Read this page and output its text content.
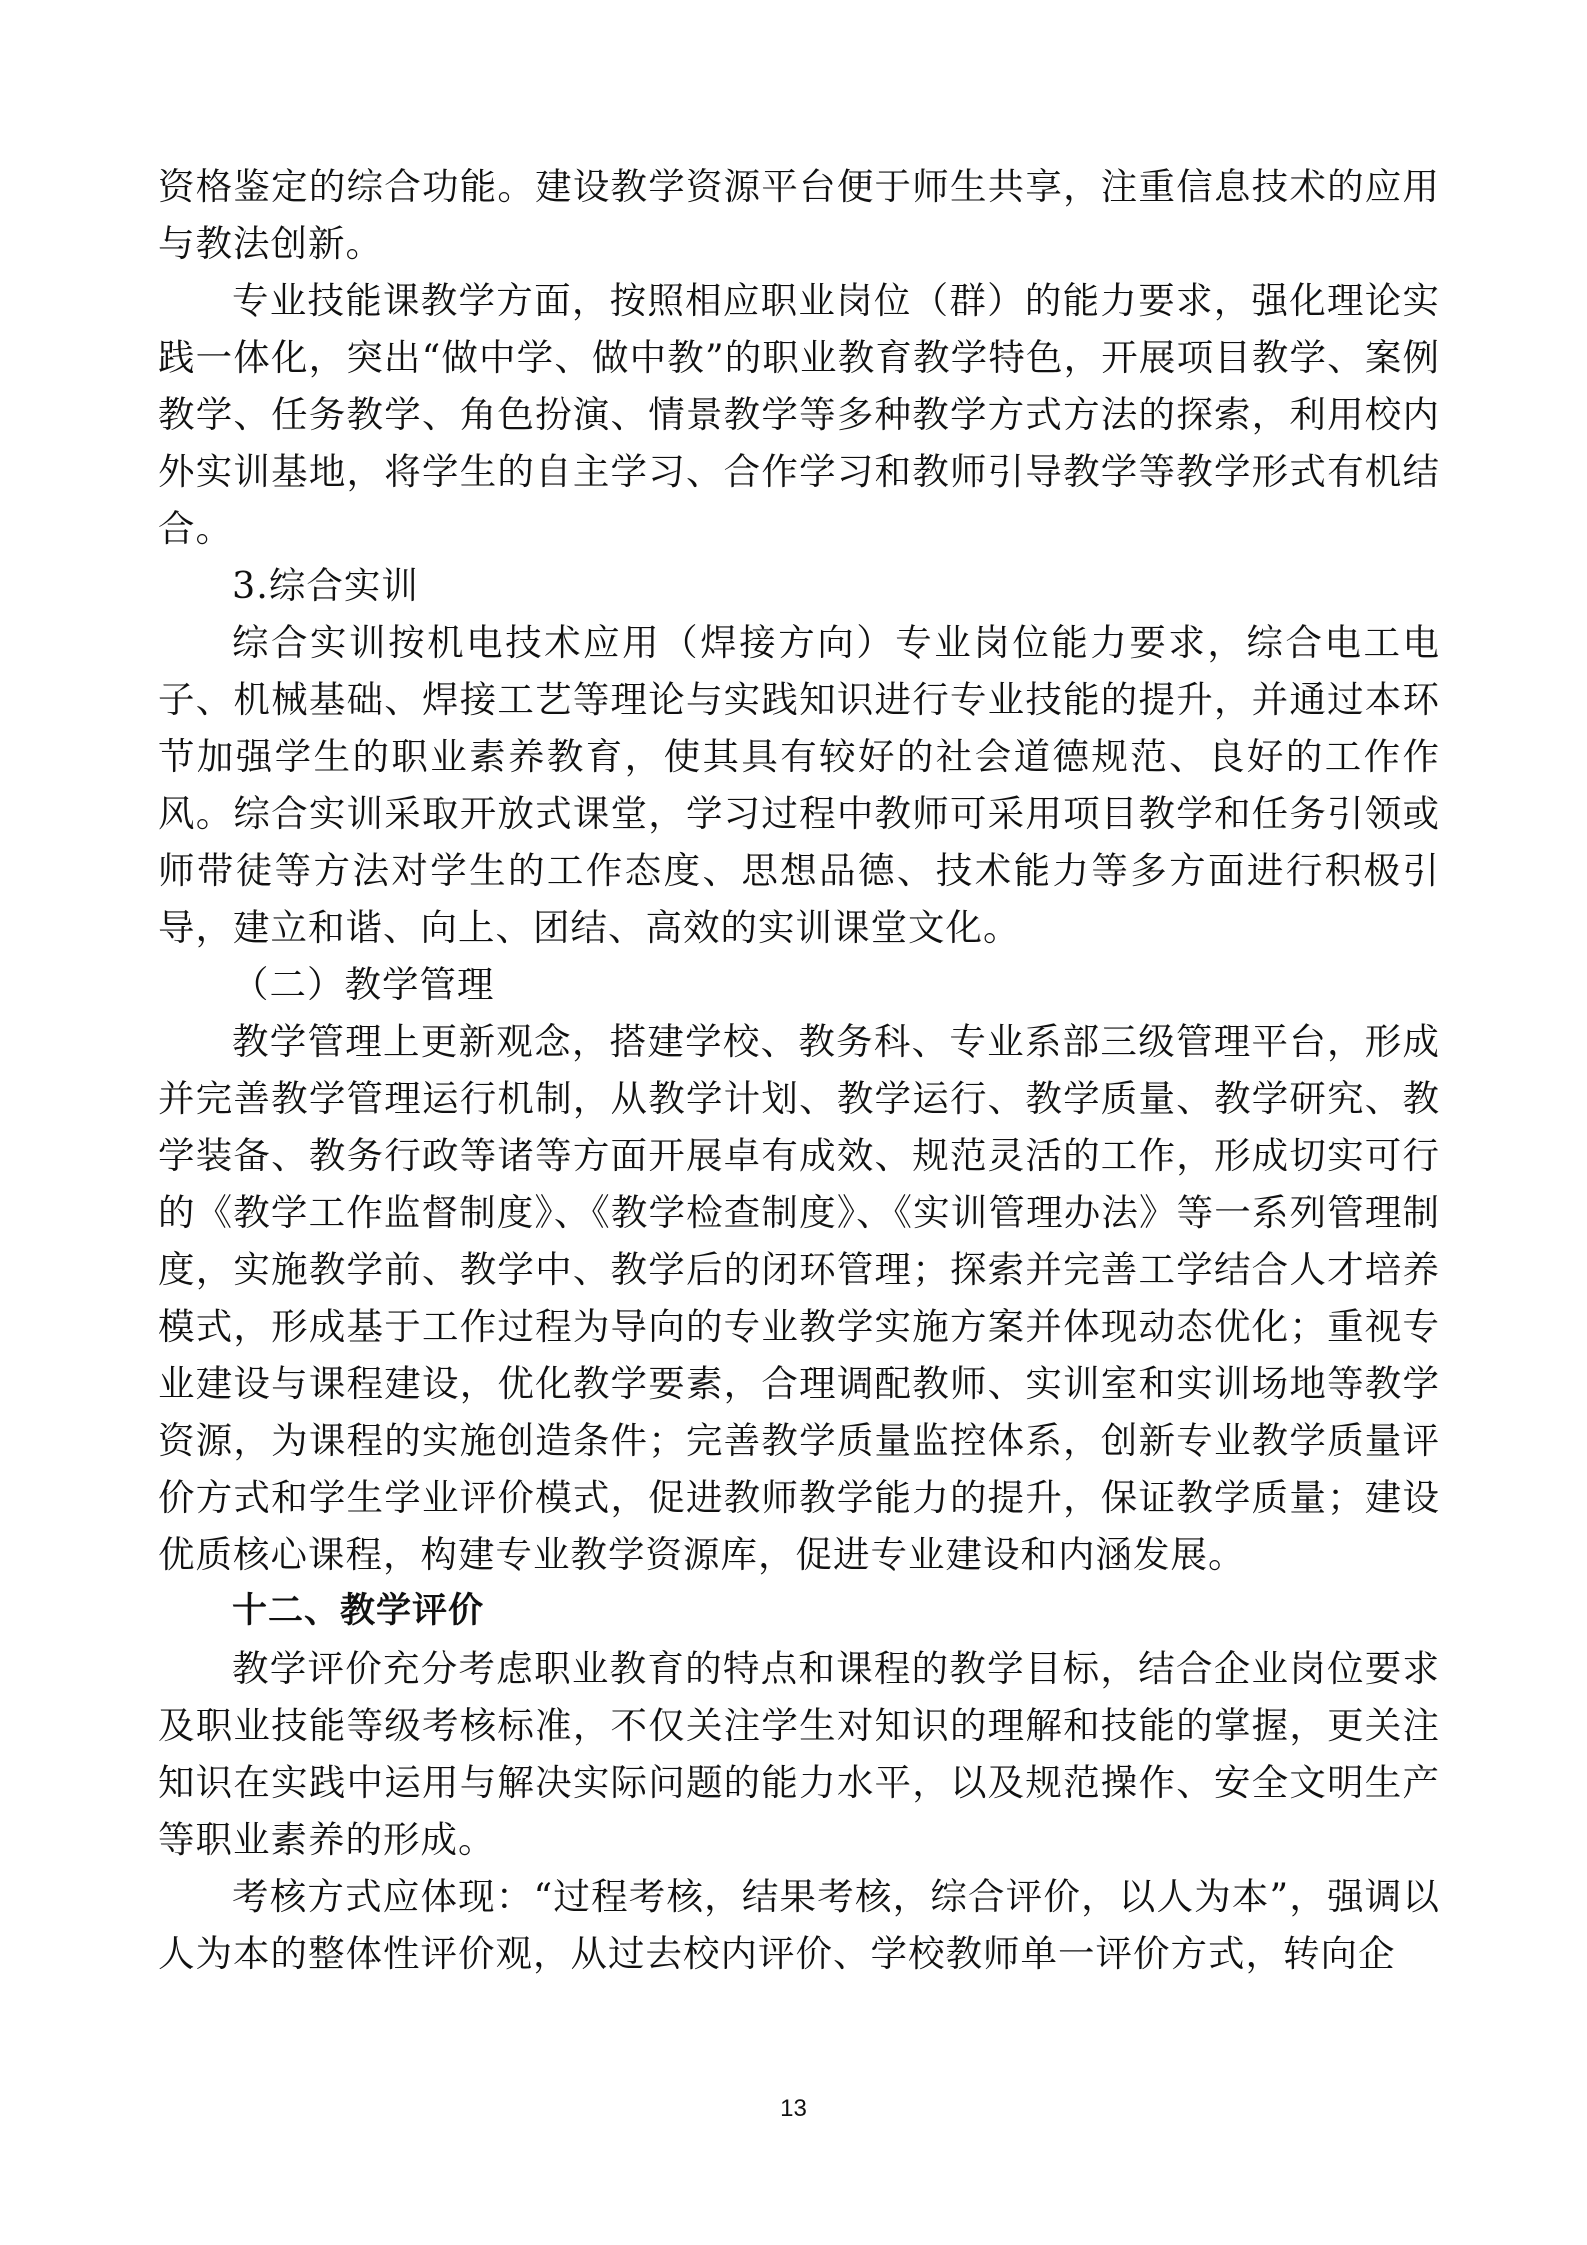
资格鉴定的综合功能。建设教学资源平台便于师生共享，注重信息技术的应用与教法创新。

专业技能课教学方面，按照相应职业岗位（群）的能力要求，强化理论实践一体化，突出“做中学、做中教”的职业教育教学特色，开展项目教学、案例教学、任务教学、角色扮演、情景教学等多种教学方式方法的探索，利用校内外实训基地，将学生的自主学习、合作学习和教师引导教学等教学形式有机结合。

3.综合实训

综合实训按机电技术应用（焊接方向）专业岗位能力要求，综合电工电子、机械基础、焊接工艺等理论与实践知识进行专业技能的提升，并通过本环节加强学生的职业素养教育，使其具有较好的社会道德规范、良好的工作作风。综合实训采取开放式课堂，学习过程中教师可采用项目教学和任务引领或师带徒等方法对学生的工作态度、思想品德、技术能力等多方面进行积极引导，建立和谐、向上、团结、高效的实训课堂文化。

（二）教学管理

教学管理上更新观念，搭建学校、教务科、专业系部三级管理平台，形成并完善教学管理运行机制，从教学计划、教学运行、教学质量、教学研究、教学装备、教务行政等诸等方面开展卓有成效、规范灵活的工作，形成切实可行的《教学工作监督制度》、《教学检查制度》、《实训管理办法》等一系列管理制度，实施教学前、教学中、教学后的闭环管理；探索并完善工学结合人才培养模式，形成基于工作过程为导向的专业教学实施方案并体现动态优化；重视专业建设与课程建设，优化教学要素，合理调配教师、实训室和实训场地等教学资源，为课程的实施创造条件；完善教学质量监控体系，创新专业教学质量评价方式和学生学业评价模式，促进教师教学能力的提升，保证教学质量；建设优质核心课程，构建专业教学资源库，促进专业建设和内涵发展。

十二、教学评价

教学评价充分考虑职业教育的特点和课程的教学目标，结合企业岗位要求及职业技能等级考核标准，不仅关注学生对知识的理解和技能的掌握，更关注知识在实践中运用与解决实际问题的能力水平，以及规范操作、安全文明生产等职业素养的形成。

考核方式应体现：“过程考核，结果考核，综合评价，以人为本”，强调以人为本的整体性评价观，从过去校内评价、学校教师单一评价方式，转向企

13
